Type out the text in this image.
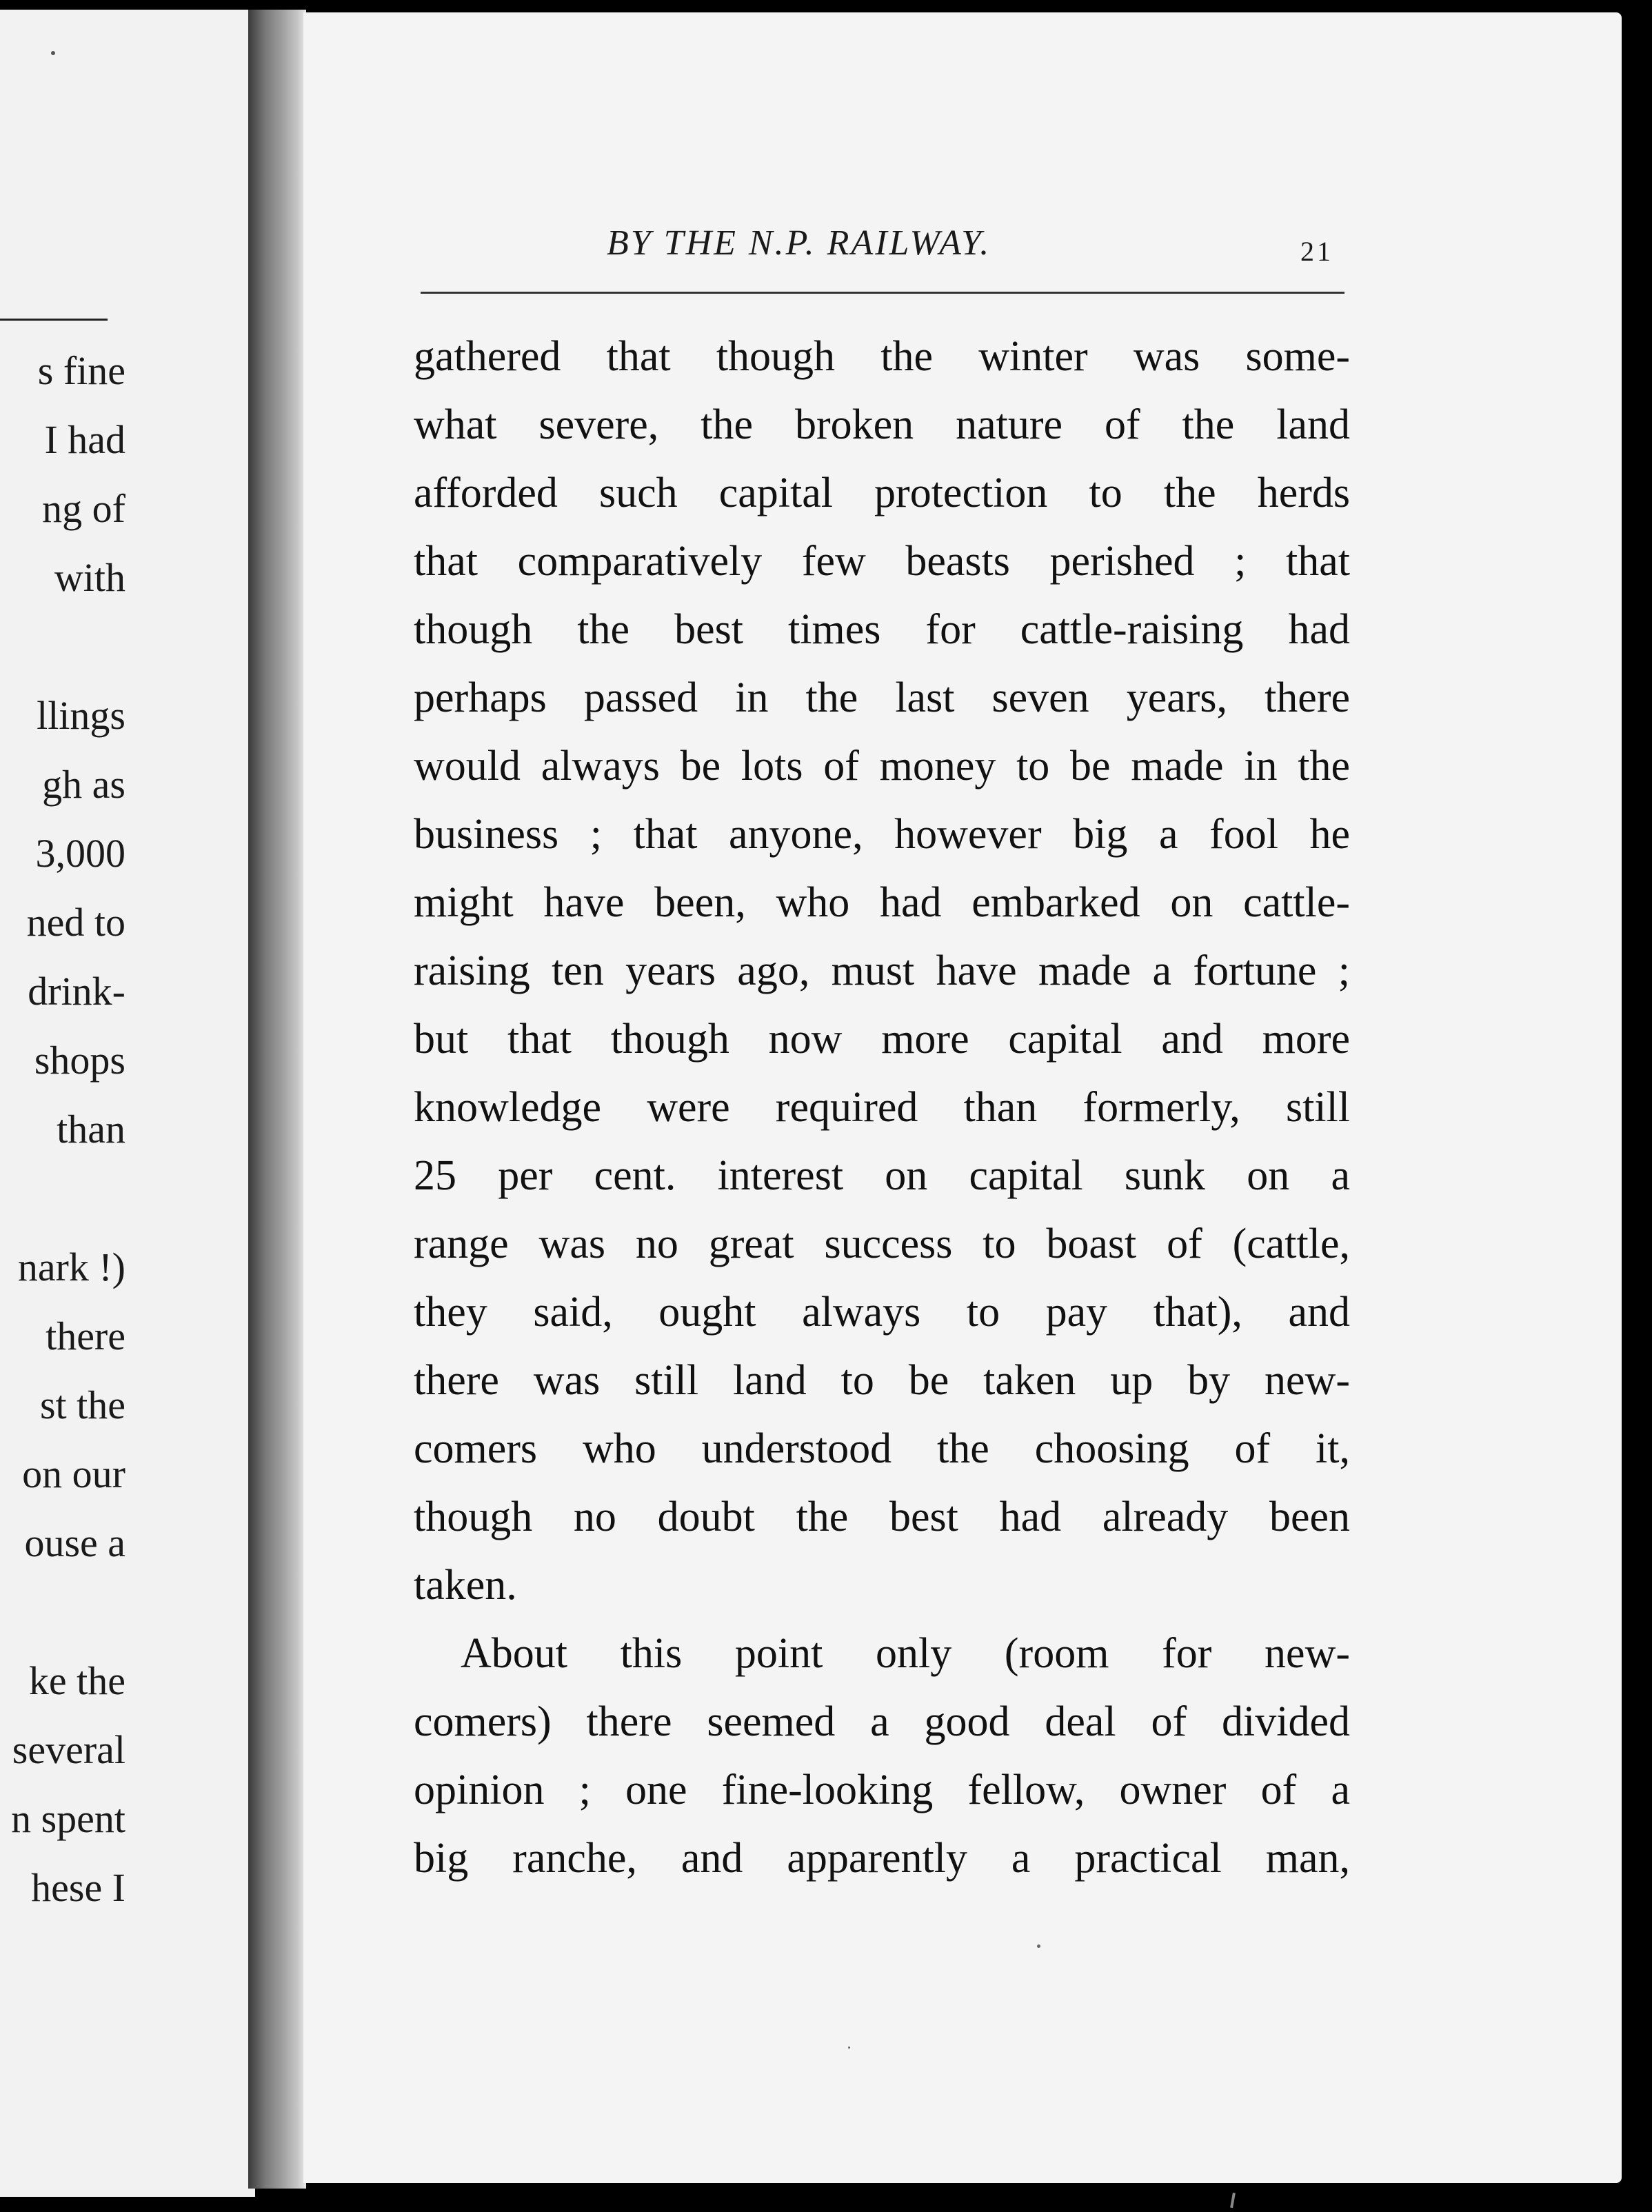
s fine
I had
ng of
with
llings
gh as
3,000
ned to
drink-
shops
than
nark !)
there
st the
on our
ouse a
ke the
several
n spent
hese I
BY THE N.P. RAILWAY.	21
gathered that though the winter was some-
what severe, the broken nature of the land
afforded such capital protection to the herds
that comparatively few beasts perished ; that
though the best times for cattle-raising had
perhaps passed in the last seven years, there
would always be lots of money to be made in the
business ; that anyone, however big a fool he
might have been, who had embarked on cattle-
raising ten years ago, must have made a fortune ;
but that though now more capital and more
knowledge were required than formerly, still
25 per cent. interest on capital sunk on a
range was no great success to boast of (cattle,
they said, ought always to pay that), and
there was still land to be taken up by new-
comers who understood the choosing of it,
though no doubt the best had already been
taken.
About this point only (room for new-
comers) there seemed a good deal of divided
opinion ; one fine-looking fellow, owner of a
big ranche, and apparently a practical man,
